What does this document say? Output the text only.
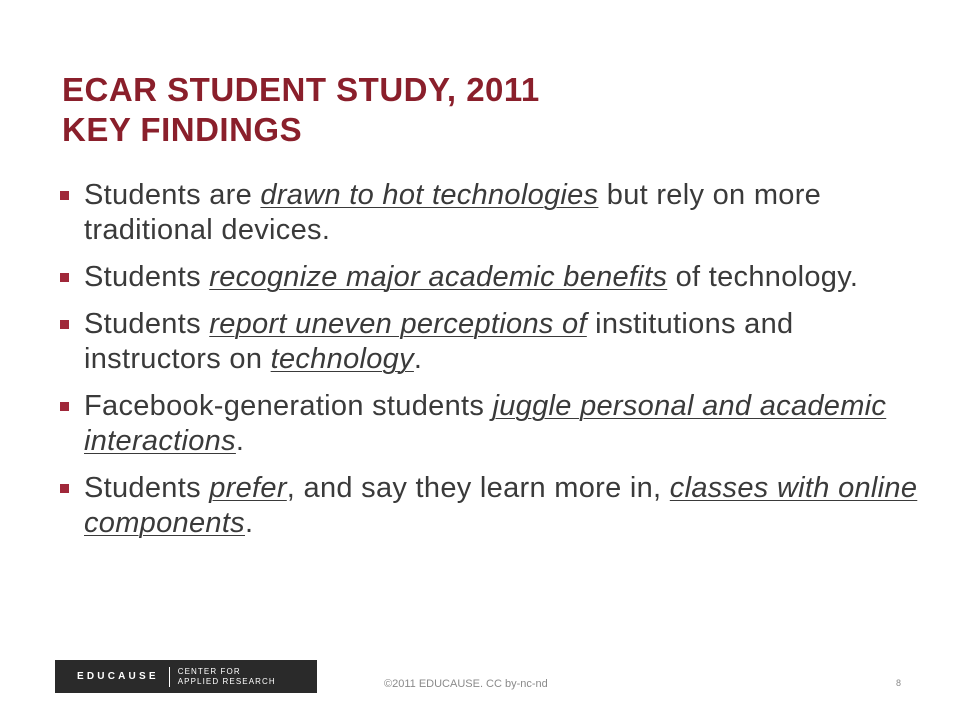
ECAR STUDENT STUDY, 2011
KEY FINDINGS
Students are drawn to hot technologies but rely on more traditional devices.
Students recognize major academic benefits of technology.
Students report uneven perceptions of institutions and instructors on technology.
Facebook-generation students juggle personal and academic interactions.
Students prefer, and say they learn more in, classes with online components.
EDUCAUSE CENTER FOR
APPLIED RESEARCH	©2011 EDUCAUSE. CC by-nc-nd	8
